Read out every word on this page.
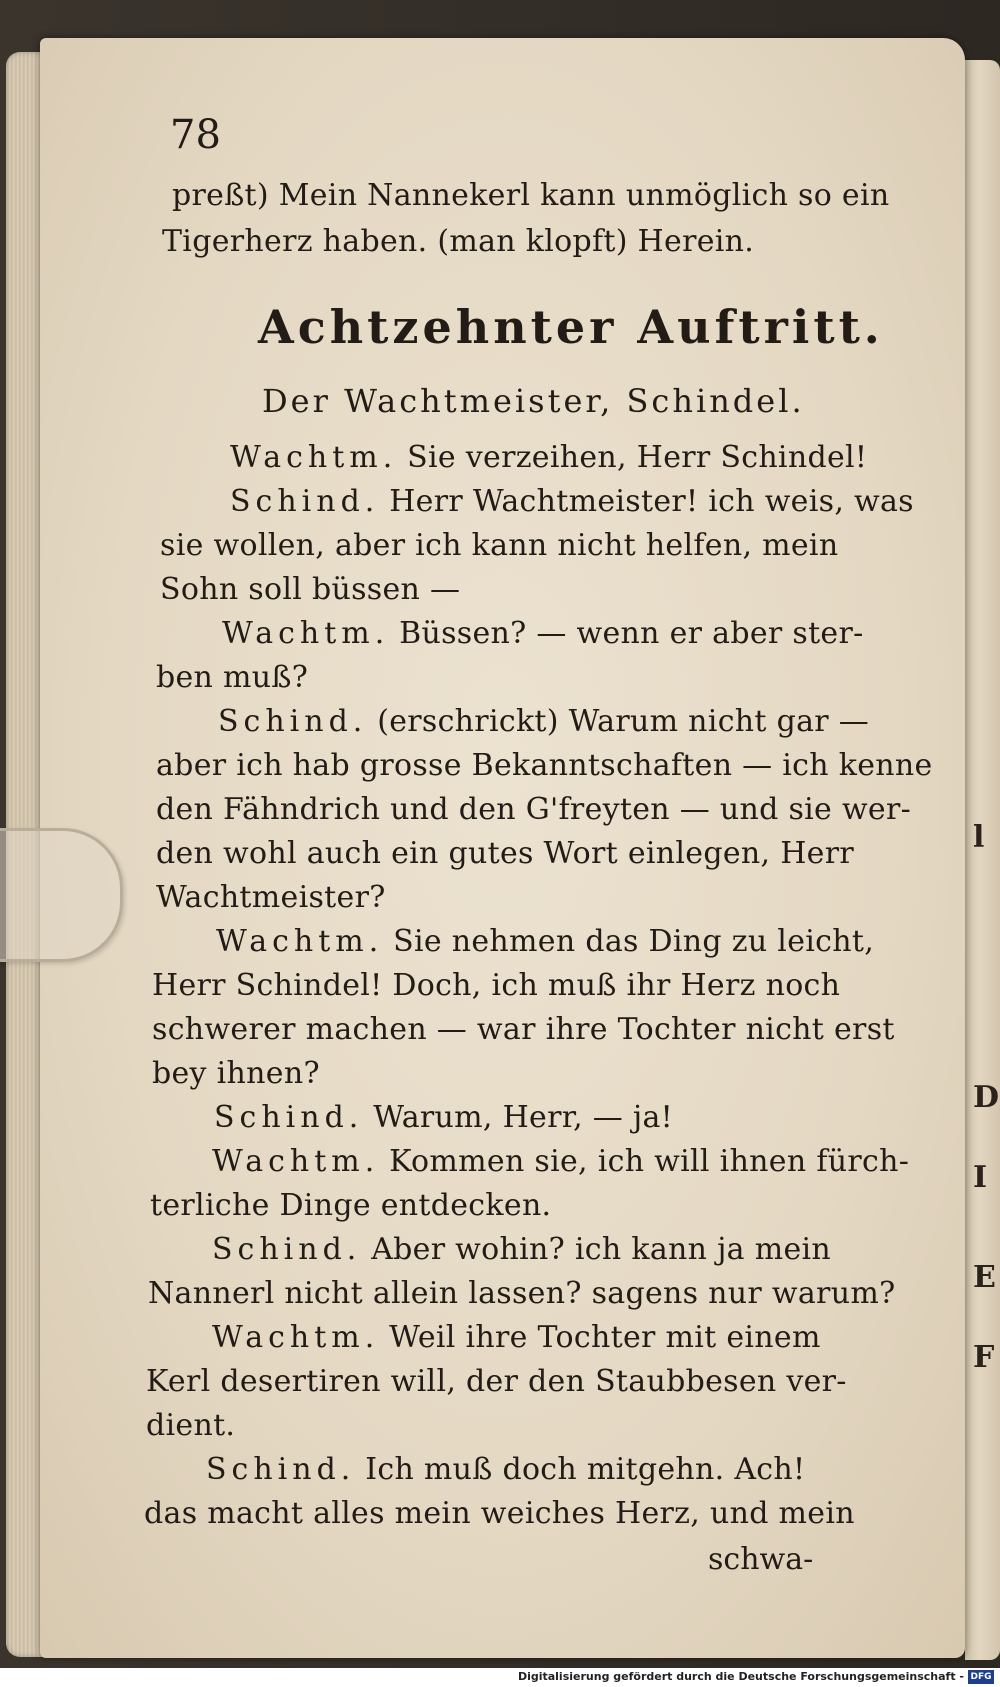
l
D
I
E
F
78
preßt) Mein Nannekerl kann unmöglich so ein
Tigerherz haben. (man klopft) Herein.
Achtzehnter Auftritt.
Der Wachtmeister, Schindel.
Wachtm. Sie verzeihen, Herr Schindel!
Schind. Herr Wachtmeister! ich weis, was
sie wollen, aber ich kann nicht helfen, mein
Sohn soll büssen —
Wachtm. Büssen? — wenn er aber ster-
ben muß?
Schind. (erschrickt) Warum nicht gar —
aber ich hab grosse Bekanntschaften — ich kenne
den Fähndrich und den G'freyten — und sie wer-
den wohl auch ein gutes Wort einlegen, Herr
Wachtmeister?
Wachtm. Sie nehmen das Ding zu leicht,
Herr Schindel! Doch, ich muß ihr Herz noch
schwerer machen — war ihre Tochter nicht erst
bey ihnen?
Schind. Warum, Herr, — ja!
Wachtm. Kommen sie, ich will ihnen fürch-
terliche Dinge entdecken.
Schind. Aber wohin? ich kann ja mein
Nannerl nicht allein lassen? sagens nur warum?
Wachtm. Weil ihre Tochter mit einem
Kerl desertiren will, der den Staubbesen ver-
dient.
Schind. Ich muß doch mitgehn. Ach!
das macht alles mein weiches Herz, und mein
schwa-
Digitalisierung gefördert durch die Deutsche Forschungsgemeinschaft - DFG
